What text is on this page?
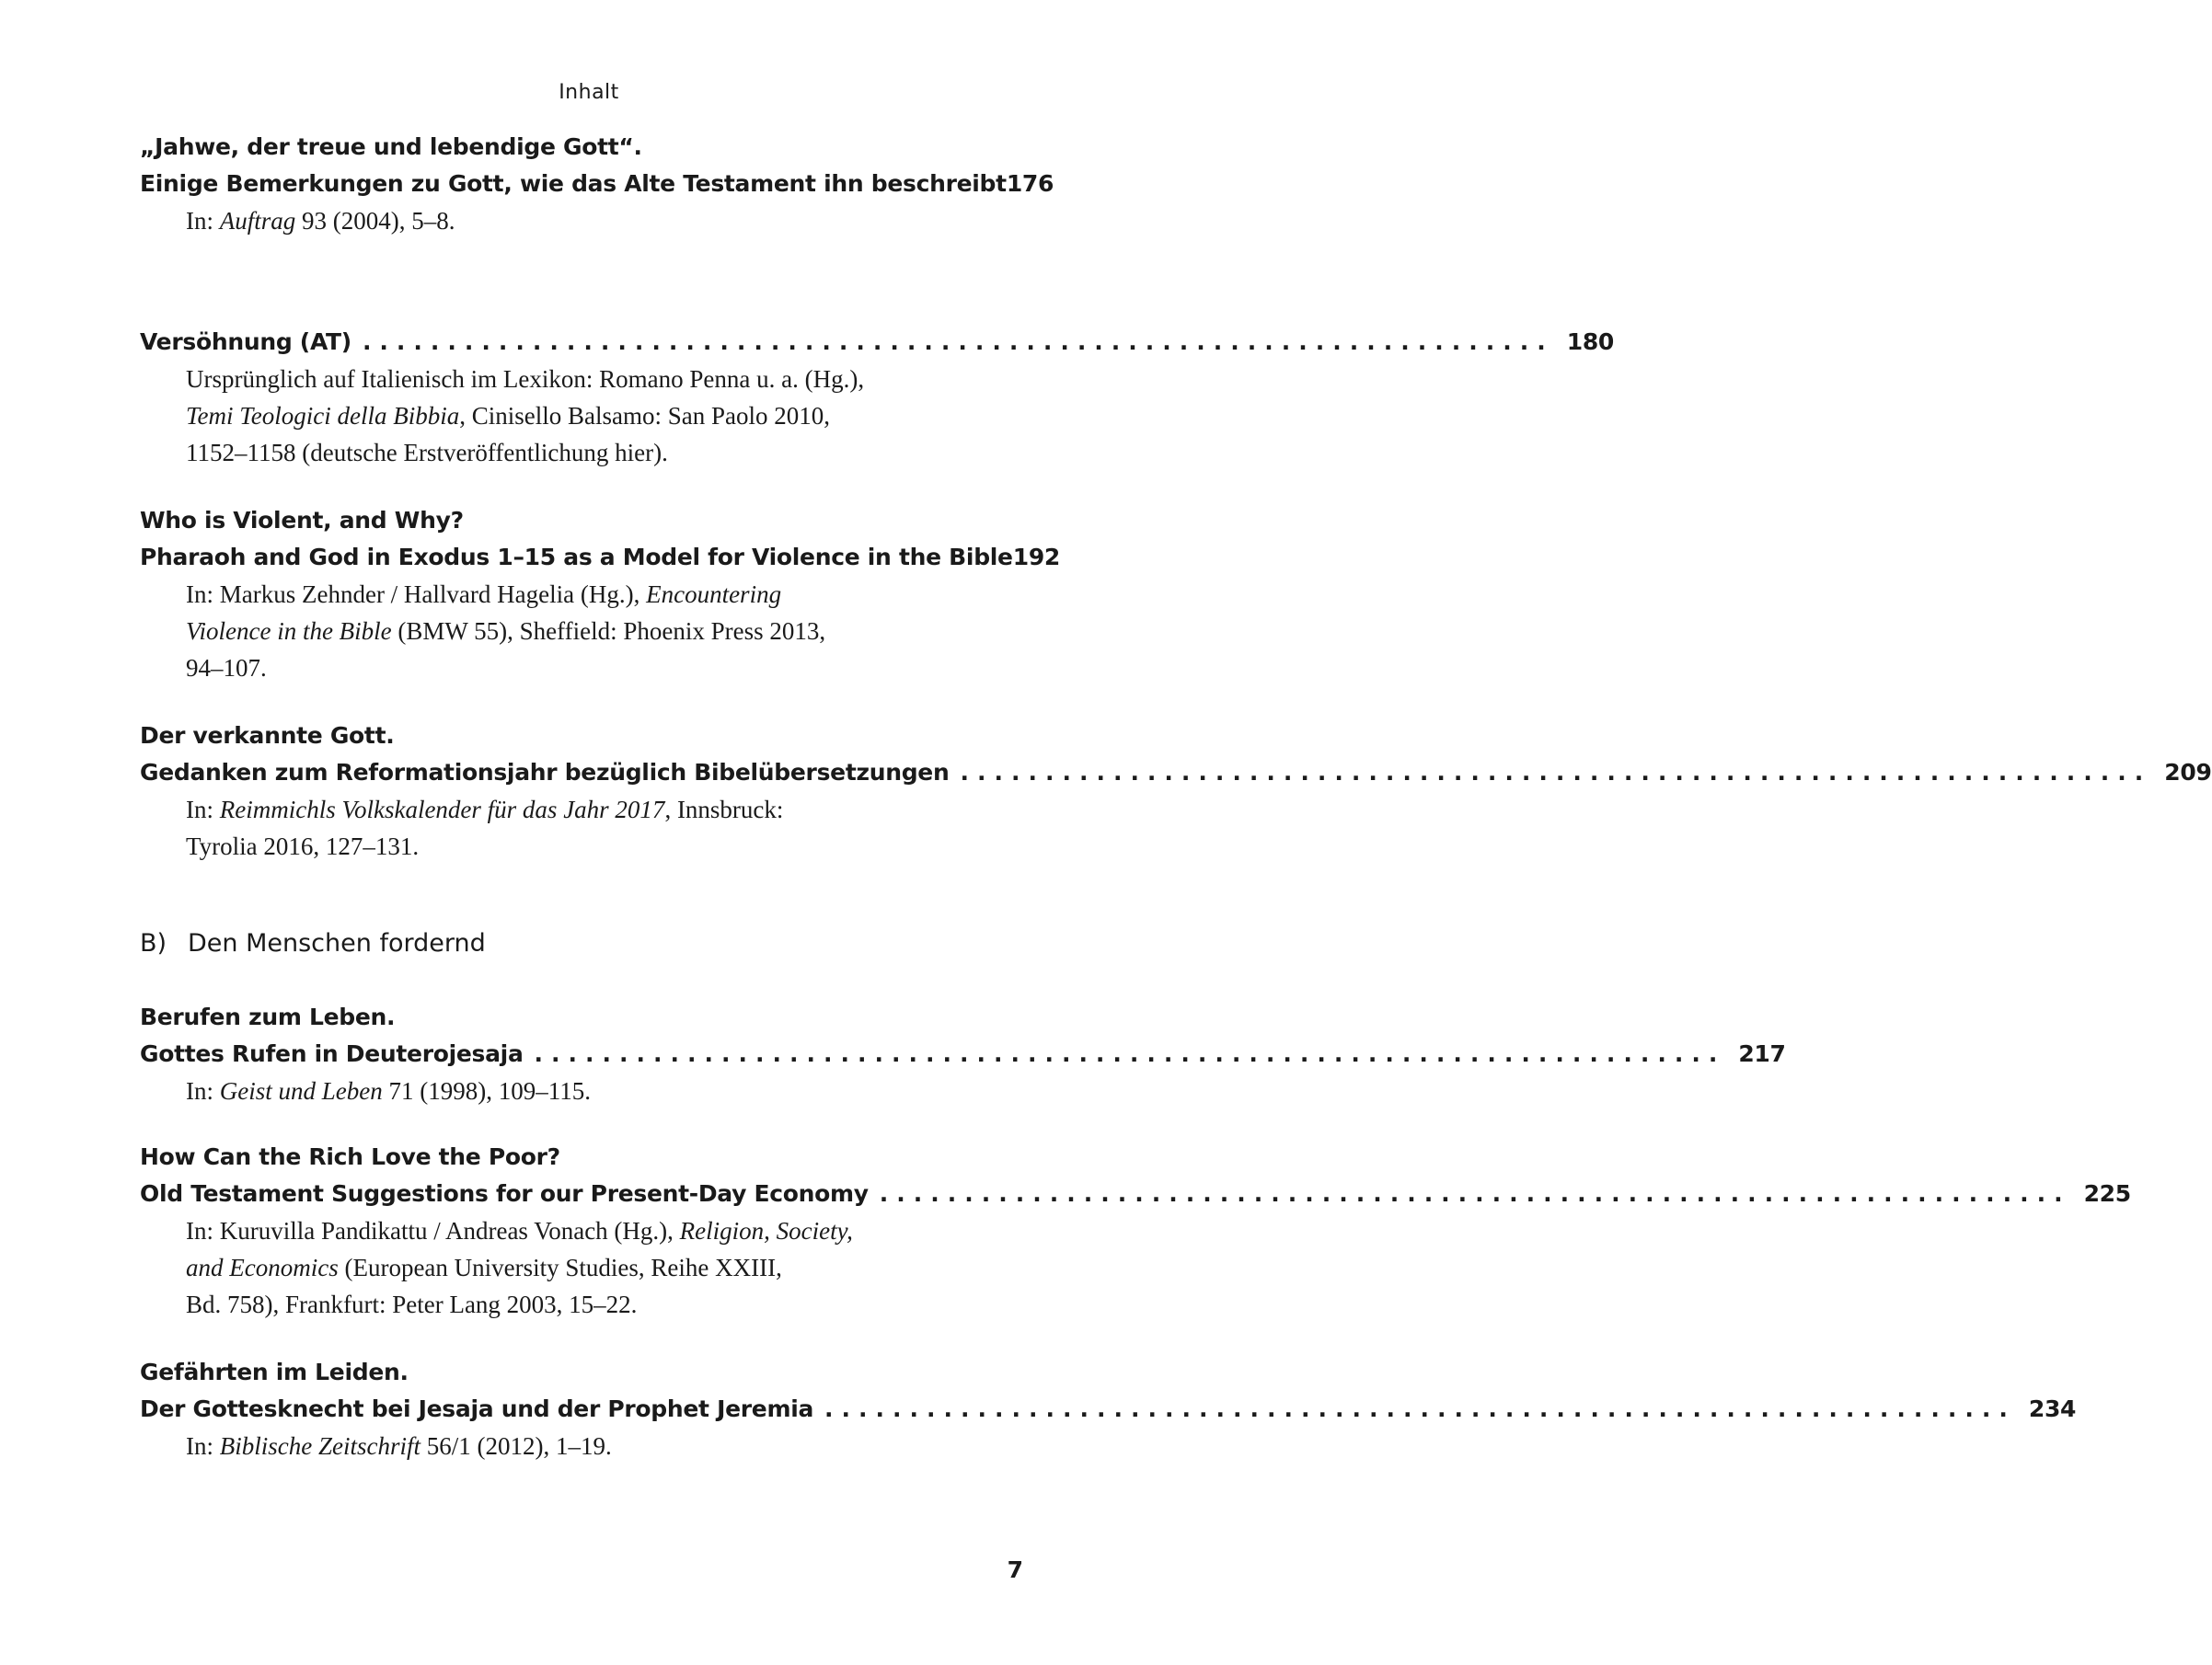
Inhalt
„Jahwe, der treue und lebendige Gott“.
Einige Bemerkungen zu Gott, wie das Alte Testament ihn beschreibt 176
In: Auftrag 93 (2004), 5–8.
Versöhnung (AT) ...................................................................... 180
Ursprünglich auf Italienisch im Lexikon: Romano Penna u. a. (Hg.),
Temi Teologici della Bibbia, Cinisello Balsamo: San Paolo 2010,
1152–1158 (deutsche Erstveröffentlichung hier).
Who is Violent, and Why?
Pharaoh and God in Exodus 1–15 as a Model for Violence in the Bible 192
In: Markus Zehnder / Hallvard Hagelia (Hg.), Encountering
Violence in the Bible (BMW 55), Sheffield: Phoenix Press 2013,
94–107.
Der verkannte Gott.
Gedanken zum Reformationsjahr bezüglich Bibelübersetzungen ...................................................................... 209
In: Reimmichls Volkskalender für das Jahr 2017, Innsbruck:
Tyrolia 2016, 127–131.
B) Den Menschen fordernd
Berufen zum Leben.
Gottes Rufen in Deuterojesaja ...................................................................... 217
In: Geist und Leben 71 (1998), 109–115.
How Can the Rich Love the Poor?
Old Testament Suggestions for our Present-Day Economy ...................................................................... 225
In: Kuruvilla Pandikattu / Andreas Vonach (Hg.), Religion, Society,
and Economics (European University Studies, Reihe XXIII,
Bd. 758), Frankfurt: Peter Lang 2003, 15–22.
Gefährten im Leiden.
Der Gottesknecht bei Jesaja und der Prophet Jeremia ...................................................................... 234
In: Biblische Zeitschrift 56/1 (2012), 1–19.
7
